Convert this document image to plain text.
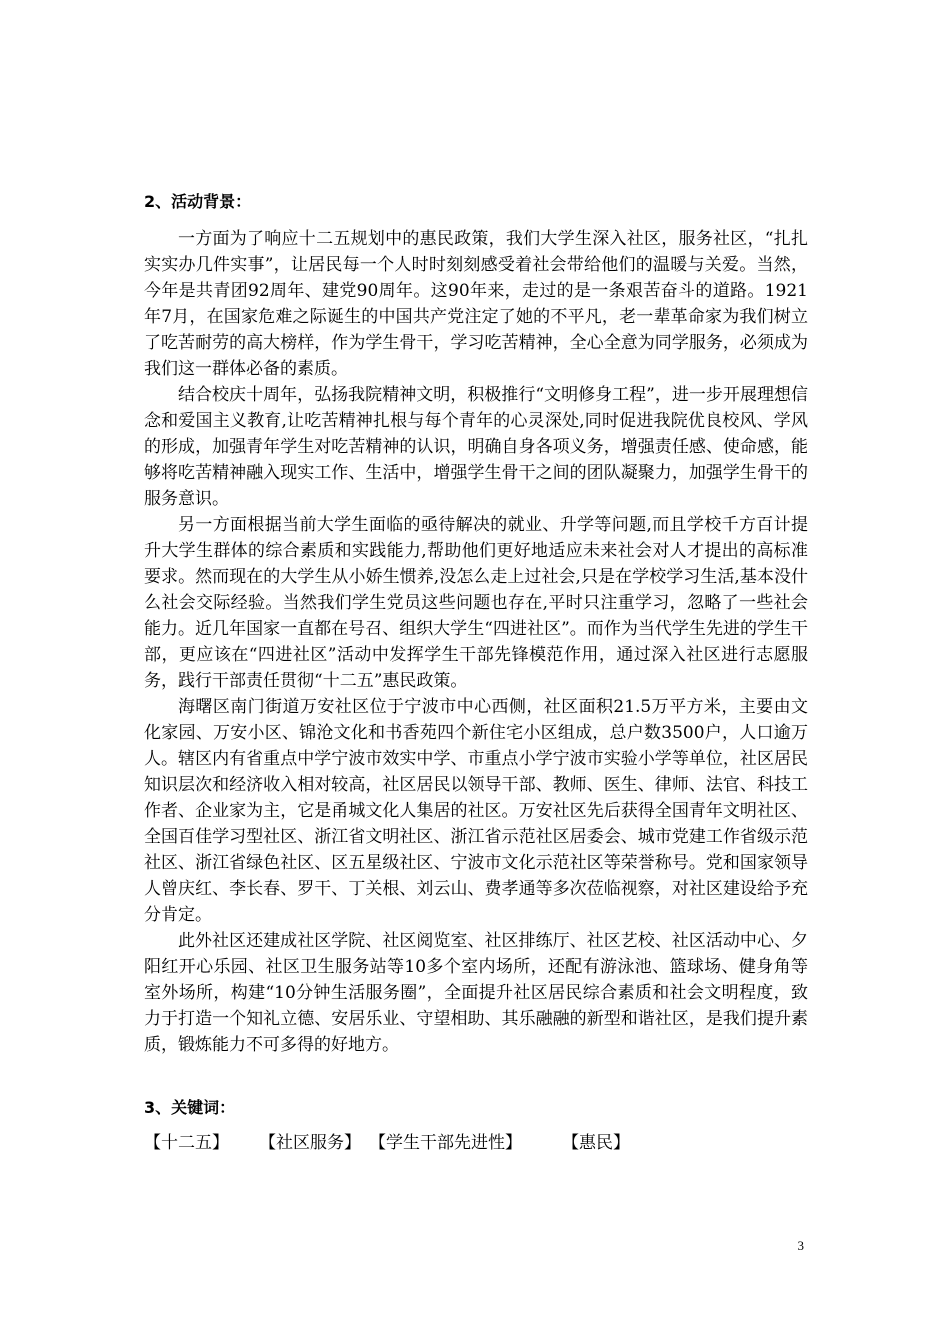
2、活动背景：

一方面为了响应十二五规划中的惠民政策，我们大学生深入社区，服务社区，“扎扎实实办几件实事”，让居民每一个人时时刻刻感受着社会带给他们的温暖与关爱。当然，今年是共青团92周年、建党90周年。这90年来，走过的是一条艰苦奋斗的道路。1921年7月，在国家危难之际诞生的中国共产党注定了她的不平凡，老一辈革命家为我们树立了吃苦耐劳的高大榜样，作为学生骨干，学习吃苦精神，全心全意为同学服务，必须成为我们这一群体必备的素质。

结合校庆十周年，弘扬我院精神文明，积极推行“文明修身工程”，进一步开展理想信念和爱国主义教育,让吃苦精神扎根与每个青年的心灵深处,同时促进我院优良校风、学风的形成，加强青年学生对吃苦精神的认识，明确自身各项义务，增强责任感、使命感，能够将吃苦精神融入现实工作、生活中，增强学生骨干之间的团队凝聚力，加强学生骨干的服务意识。

另一方面根据当前大学生面临的亟待解决的就业、升学等问题,而且学校千方百计提升大学生群体的综合素质和实践能力,帮助他们更好地适应未来社会对人才提出的高标准要求。然而现在的大学生从小娇生惯养,没怎么走上过社会,只是在学校学习生活,基本没什么社会交际经验。当然我们学生党员这些问题也存在,平时只注重学习，忽略了一些社会能力。近几年国家一直都在号召、组织大学生“四进社区”。而作为当代学生先进的学生干部，更应该在“四进社区”活动中发挥学生干部先锋模范作用，通过深入社区进行志愿服务，践行干部责任贯彻“十二五”惠民政策。

海曙区南门街道万安社区位于宁波市中心西侧，社区面积21.5万平方米，主要由文化家园、万安小区、锦沧文化和书香苑四个新住宅小区组成，总户数3500户，人口逾万人。辖区内有省重点中学宁波市效实中学、市重点小学宁波市实验小学等单位，社区居民知识层次和经济收入相对较高，社区居民以领导干部、教师、医生、律师、法官、科技工作者、企业家为主，它是甬城文化人集居的社区。万安社区先后获得全国青年文明社区、全国百佳学习型社区、浙江省文明社区、浙江省示范社区居委会、城市党建工作省级示范社区、浙江省绿色社区、区五星级社区、宁波市文化示范社区等荣誉称号。党和国家领导人曾庆红、李长春、罗干、丁关根、刘云山、费孝通等多次莅临视察，对社区建设给予充分肯定。

此外社区还建成社区学院、社区阅览室、社区排练厅、社区艺校、社区活动中心、夕阳红开心乐园、社区卫生服务站等10多个室内场所，还配有游泳池、篮球场、健身角等室外场所，构建“10分钟生活服务圈”，全面提升社区居民综合素质和社会文明程度，致力于打造一个知礼立德、安居乐业、守望相助、其乐融融的新型和谐社区，是我们提升素质，锻炼能力不可多得的好地方。

3、关键词：
【十二五】 【社区服务】 【学生干部先进性】 【惠民】
3
